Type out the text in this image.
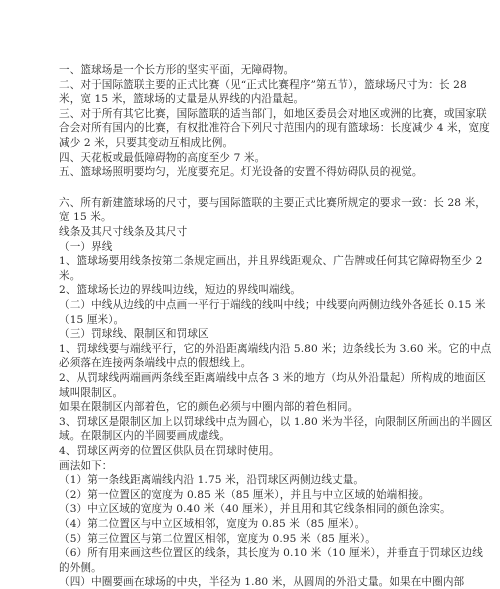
一、篮球场是一个长方形的坚实平面，无障碍物。
二、对于国际篮联主要的正式比赛（见“正式比赛程序”第五节），篮球场尺寸为：长 28
米，宽 15 米，篮球场的丈量是从界线的内沿量起。
三、对于所有其它比赛，国际篮联的适当部门，如地区委员会对地区或洲的比赛，或国家联
合会对所有国内的比赛，有权批准符合下列尺寸范围内的现有篮球场：长度减少 4 米，宽度
减少 2 米，只要其变动互相成比例。
四、天花板或最低障碍物的高度至少 7 米。
五、篮球场照明要均匀，光度要充足。灯光设备的安置不得妨碍队员的视觉。
六、所有新建篮球场的尺寸，要与国际篮联的主要正式比赛所规定的要求一致：长 28 米，
宽 15 米。
线条及其尺寸线条及其尺寸
（一）界线
1、篮球场要用线条按第二条规定画出，并且界线距观众、广告牌或任何其它障碍物至少 2
米。
2、篮球场长边的界线叫边线，短边的界线叫端线。
（二）中线从边线的中点画一平行于端线的线叫中线；中线要向两侧边线外各延长 0.15 米
（15 厘米）。
（三）罚球线、限制区和罚球区
1、罚球线要与端线平行，它的外沿距离端线内沿 5.80 米；边条线长为 3.60 米。它的中点
必须落在连接两条端线中点的假想线上。
2、从罚球线两端画两条线至距离端线中点各 3 米的地方（均从外沿量起）所构成的地面区
域叫限制区。
如果在限制区内部着色，它的颜色必须与中圈内部的着色相同。
3、罚球区是限制区加上以罚球线中点为圆心，以 1.80 米为半径，向限制区所画出的半圆区
域。在限制区内的半圆要画成虚线。
4、罚球区两旁的位置区供队员在罚球时使用。
画法如下：
（1）第一条线距离端线内沿 1.75 米，沿罚球区两侧边线丈量。
（2）第一位置区的宽度为 0.85 米（85 厘米），并且与中立区域的始端相接。
（3）中立区域的宽度为 0.40 米（40 厘米），并且用和其它线条相同的颜色涂实。
（4）第二位置区与中立区域相邻，宽度为 0.85 米（85 厘米）。
（5）第三位置区与第二位置区相邻，宽度为 0.95 米（85 厘米）。
（6）所有用来画这些位置区的线条，其长度为 0.10 米（10 厘米），并垂直于罚球区边线
的外侧。
（四）中圈要画在球场的中央，半径为 1.80 米，从圆周的外沿丈量。如果在中圈内部
